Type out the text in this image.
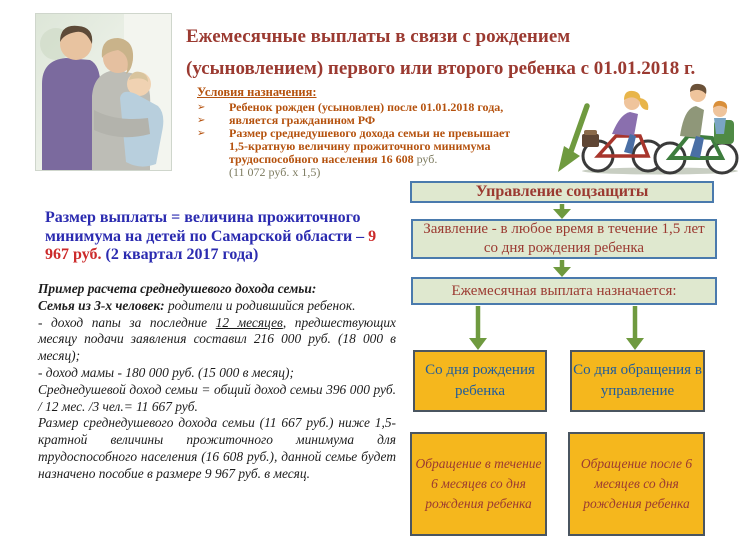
Ежемесячные выплаты в связи с рождением
(усыновлением) первого или второго ребенка с 01.01.2018 г.
Условия назначения:
➢	Ребенок рожден (усыновлен) после 01.01.2018 года,
➢	является гражданином РФ
➢	Размер среднедушевого дохода семьи не превышает 1,5-кратную величину прожиточного минимума трудоспособного населения 16 608 руб.
(11 072 руб. х 1,5)
Размер выплаты = величина прожиточного минимума на детей по Самарской области – 9 967 руб. (2 квартал 2017 года)
Пример расчета среднедушевого дохода семьи:
Семья из 3-х человек: родители и родившийся ребенок.
- доход папы за последние 12 месяцев, предшествующих месяцу подачи заявления составил 216 000 руб. (18 000 в месяц);
- доход мамы - 180 000 руб. (15 000 в месяц);
Среднедушевой доход семьи = общий доход семьи 396 000 руб. / 12 мес. /3 чел.= 11 667 руб.
Размер среднедушевого дохода семьи (11 667 руб.) ниже 1,5-кратной величины прожиточного минимума для трудоспособного населения (16 608 руб.), данной семье будет назначено пособие в размере 9 967 руб. в месяц.
Управление соцзащиты
Заявление - в любое время в течение 1,5 лет со дня рождения ребенка
Ежемесячная выплата назначается:
Со дня рождения ребенка
Со дня обращения в управление
Обращение в течение 6 месяцев со дня рождения ребенка
Обращение после 6 месяцев со дня рождения ребенка
